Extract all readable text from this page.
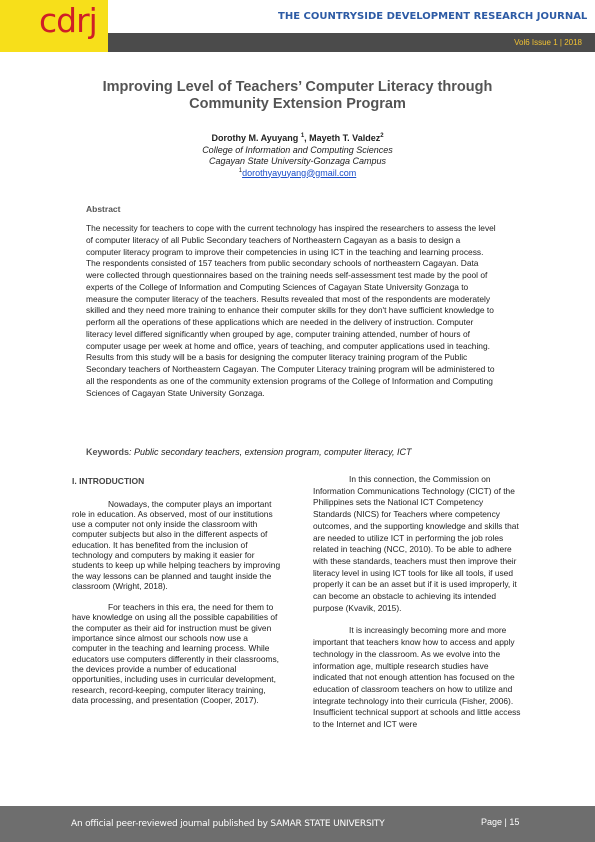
cdrj	THE COUNTRYSIDE DEVELOPMENT RESEARCH JOURNAL
Vol6 Issue 1 | 2018
Improving Level of Teachers’ Computer Literacy through
Community Extension Program
Dorothy M. Ayuyang $^1$, Mayeth T. Valdez$^2$
College of Information and Computing Sciences
Cagayan State University-Gonzaga Campus
$^1$dorothyayuyang@gmail.com
Abstract
The necessity for teachers to cope with the current technology has inspired the researchers to assess the level of computer literacy of all Public Secondary teachers of Northeastern Cagayan as a basis to design a computer literacy program to improve their competencies in using ICT in the teaching and learning process. The respondents consisted of 157 teachers from public secondary schools of northeastern Cagayan. Data were collected through questionnaires based on the training needs self-assessment test made by the pool of experts of the College of Information and Computing Sciences of Cagayan State University Gonzaga to measure the computer literacy of the teachers. Results revealed that most of the respondents are moderately skilled and they need more training to enhance their computer skills for they don't have sufficient knowledge to perform all the operations of these applications which are needed in the delivery of instruction. Computer literacy level differed significantly when grouped by age, computer training attended, number of hours of computer usage per week at home and office, years of teaching, and computer applications used in teaching. Results from this study will be a basis for designing the computer literacy training program of the Public Secondary teachers of Northeastern Cagayan. The Computer Literacy training program will be administered to all the respondents as one of the community extension programs of the College of Information and Computing Sciences of Cagayan State University Gonzaga.
Keywords: Public secondary teachers, extension program, computer literacy, ICT
I. INTRODUCTION
Nowadays, the computer plays an important role in education. As observed, most of our institutions use a computer not only inside the classroom with computer subjects but also in the different aspects of education. It has benefited from the inclusion of technology and computers by making it easier for students to keep up while helping teachers by improving the way lessons can be planned and taught inside the classroom (Wright, 2018).
For teachers in this era, the need for them to have knowledge on using all the possible capabilities of the computer as their aid for instruction must be given importance since almost our schools now use a computer in the teaching and learning process. While educators use computers differently in their classrooms, the devices provide a number of educational opportunities, including uses in curricular development, research, record-keeping, computer literacy training, data processing, and presentation (Cooper, 2017).
In this connection, the Commission on Information Communications Technology (CICT) of the Philippines sets the National ICT Competency Standards (NICS) for Teachers where competency outcomes, and the supporting knowledge and skills that are needed to utilize ICT in performing the job roles related in teaching (NCC, 2010). To be able to adhere with these standards, teachers must then improve their literacy level in using ICT tools for like all tools, if used properly it can be an asset but if it is used improperly, it can become an obstacle to achieving its intended purpose (Kvavik, 2015).
It is increasingly becoming more and more important that teachers know how to access and apply technology in the classroom. As we evolve into the information age, multiple research studies have indicated that not enough attention has focused on the education of classroom teachers on how to utilize and integrate technology into their curricula (Fisher, 2006). Insufficient technical support at schools and little access to the Internet and ICT were
An official peer-reviewed journal published by SAMAR STATE UNIVERSITY	Page | 15
